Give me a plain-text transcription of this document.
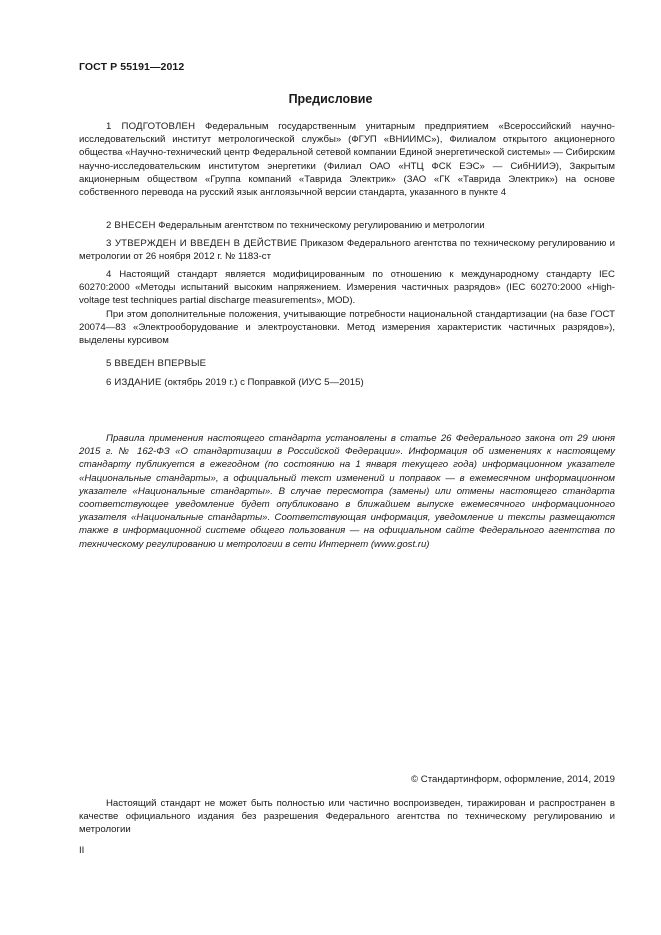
ГОСТ Р 55191—2012
Предисловие

1 ПОДГОТОВЛЕН Федеральным государственным унитарным предприятием «Всероссийский научно-исследовательский институт метрологической службы» (ФГУП «ВНИИМС»), Филиалом открытого акционерного общества «Научно-технический центр Федеральной сетевой компании Единой энергетической системы» — Сибирским научно-исследовательским институтом энергетики (Филиал ОАО «НТЦ ФСК ЕЭС» — СибНИИЭ), Закрытым акционерным обществом «Группа компаний «Таврида Электрик» (ЗАО «ГК «Таврида Электрик») на основе собственного перевода на русский язык англоязычной версии стандарта, указанного в пункте 4

2 ВНЕСЕН Федеральным агентством по техническому регулированию и метрологии

3 УТВЕРЖДЕН И ВВЕДЕН В ДЕЙСТВИЕ Приказом Федерального агентства по техническому регулированию и метрологии от 26 ноября 2012 г. № 1183-ст

4 Настоящий стандарт является модифицированным по отношению к международному стандарту IEC 60270:2000 «Методы испытаний высоким напряжением. Измерения частичных разрядов» (IEC 60270:2000 «High-voltage test techniques partial discharge measurements», MOD).

При этом дополнительные положения, учитывающие потребности национальной стандартизации (на базе ГОСТ 20074—83 «Электрооборудование и электроустановки. Метод измерения характеристик частичных разрядов»), выделены курсивом

5 ВВЕДЕН ВПЕРВЫЕ

6 ИЗДАНИЕ (октябрь 2019 г.) с Поправкой (ИУС 5—2015)

Правила применения настоящего стандарта установлены в статье 26 Федерального закона от 29 июня 2015 г. № 162-ФЗ «О стандартизации в Российской Федерации». Информация об изменениях к настоящему стандарту публикуется в ежегодном (по состоянию на 1 января текущего года) информационном указателе «Национальные стандарты», а официальный текст изменений и поправок — в ежемесячном информационном указателе «Национальные стандарты». В случае пересмотра (замены) или отмены настоящего стандарта соответствующее уведомление будет опубликовано в ближайшем выпуске ежемесячного информационного указателя «Национальные стандарты». Соответствующая информация, уведомление и тексты размещаются также в информационной системе общего пользования — на официальном сайте Федерального агентства по техническому регулированию и метрологии в сети Интернет (www.gost.ru)

© Стандартинформ, оформление, 2014, 2019

Настоящий стандарт не может быть полностью или частично воспроизведен, тиражирован и распространен в качестве официального издания без разрешения Федерального агентства по техническому регулированию и метрологии

II
